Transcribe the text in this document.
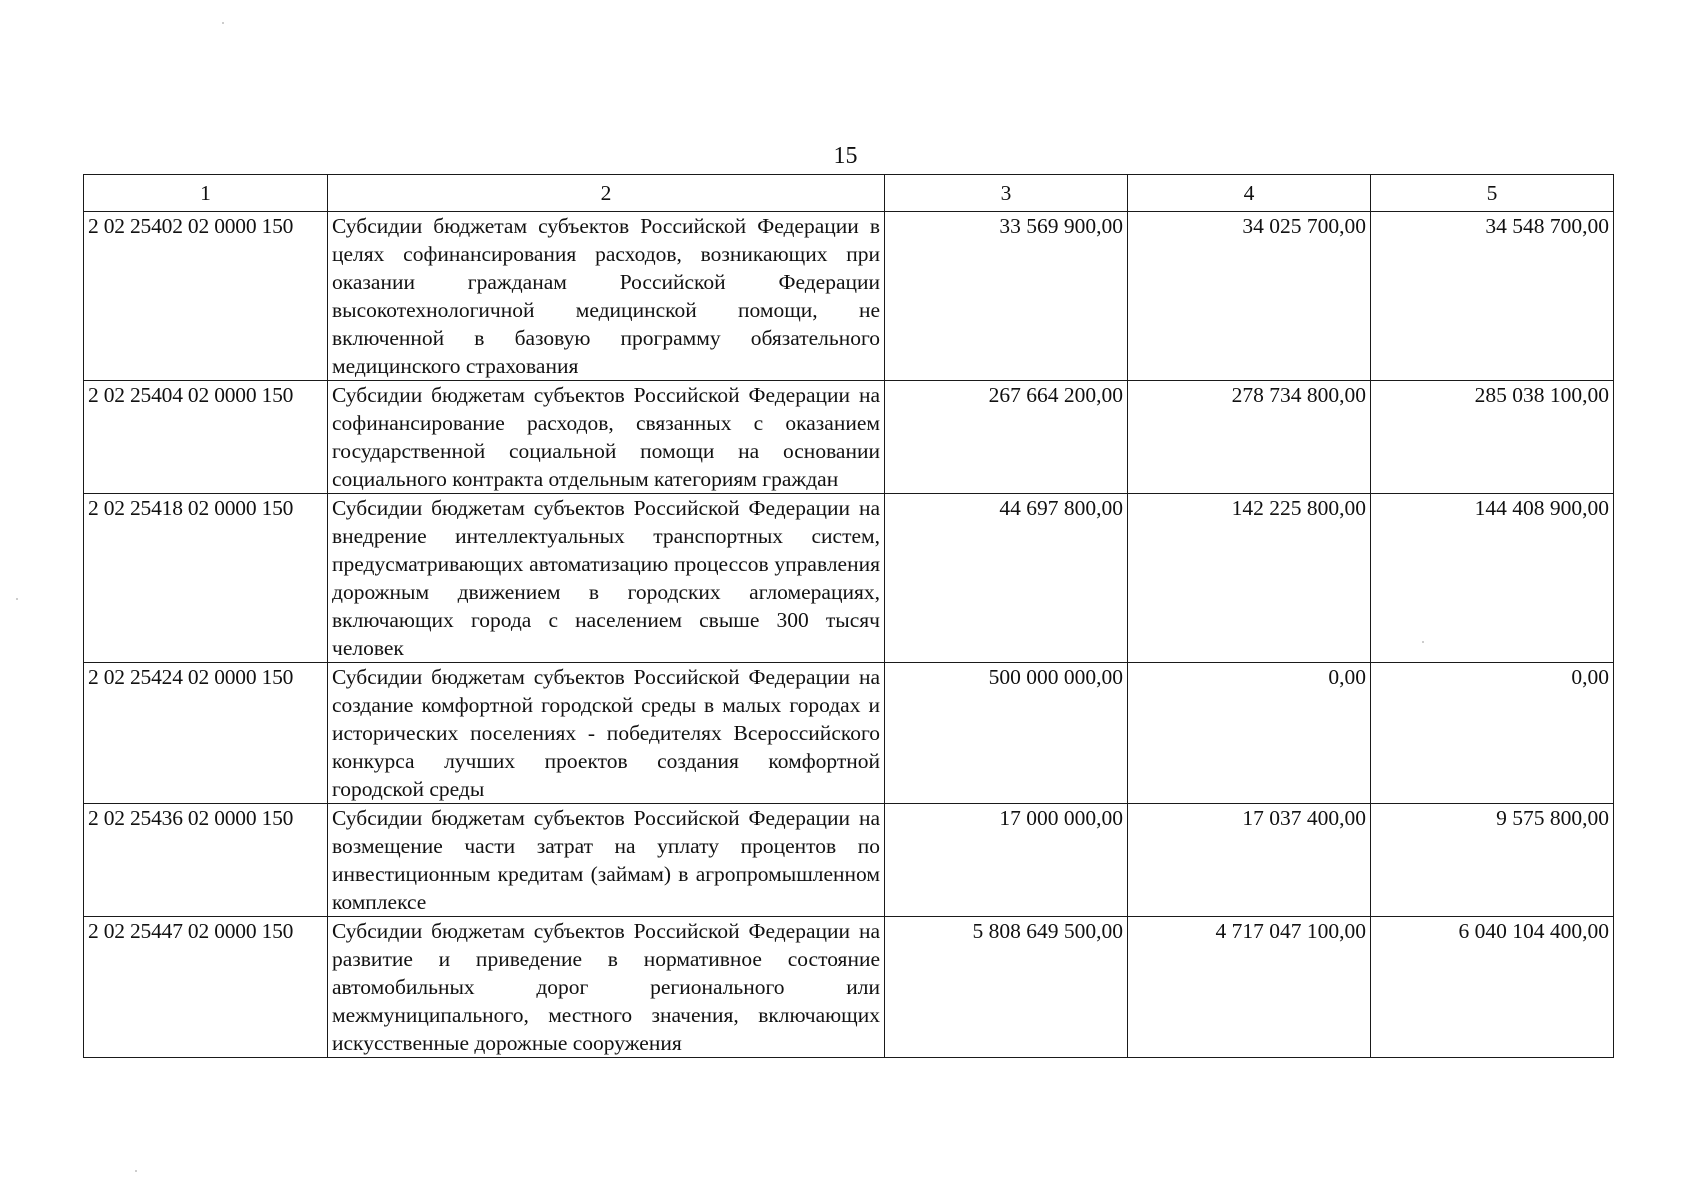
15
1	2	3	4	5
2 02 25402 02 0000 150	Субсидии бюджетам субъектов Российской Федерации в целях софинансирования расходов, возникающих при оказании гражданам Российской Федерации высокотехнологичной медицинской помощи, не включенной в базовую программу обязательного медицинского страхования	33 569 900,00	34 025 700,00	34 548 700,00
2 02 25404 02 0000 150	Субсидии бюджетам субъектов Российской Федерации на софинансирование расходов, связанных с оказанием государственной социальной помощи на основании социального контракта отдельным категориям граждан	267 664 200,00	278 734 800,00	285 038 100,00
2 02 25418 02 0000 150	Субсидии бюджетам субъектов Российской Федерации на внедрение интеллектуальных транспортных систем, предусматривающих автоматизацию процессов управления дорожным движением в городских агломерациях, включающих города с населением свыше 300 тысяч человек	44 697 800,00	142 225 800,00	144 408 900,00
2 02 25424 02 0000 150	Субсидии бюджетам субъектов Российской Федерации на создание комфортной городской среды в малых городах и исторических поселениях - победителях Всероссийского конкурса лучших проектов создания комфортной городской среды	500 000 000,00	0,00	0,00
2 02 25436 02 0000 150	Субсидии бюджетам субъектов Российской Федерации на возмещение части затрат на уплату процентов по инвестиционным кредитам (займам) в агропромышленном комплексе	17 000 000,00	17 037 400,00	9 575 800,00
2 02 25447 02 0000 150	Субсидии бюджетам субъектов Российской Федерации на развитие и приведение в нормативное состояние автомобильных дорог регионального или межмуниципального, местного значения, включающих искусственные дорожные сооружения	5 808 649 500,00	4 717 047 100,00	6 040 104 400,00
